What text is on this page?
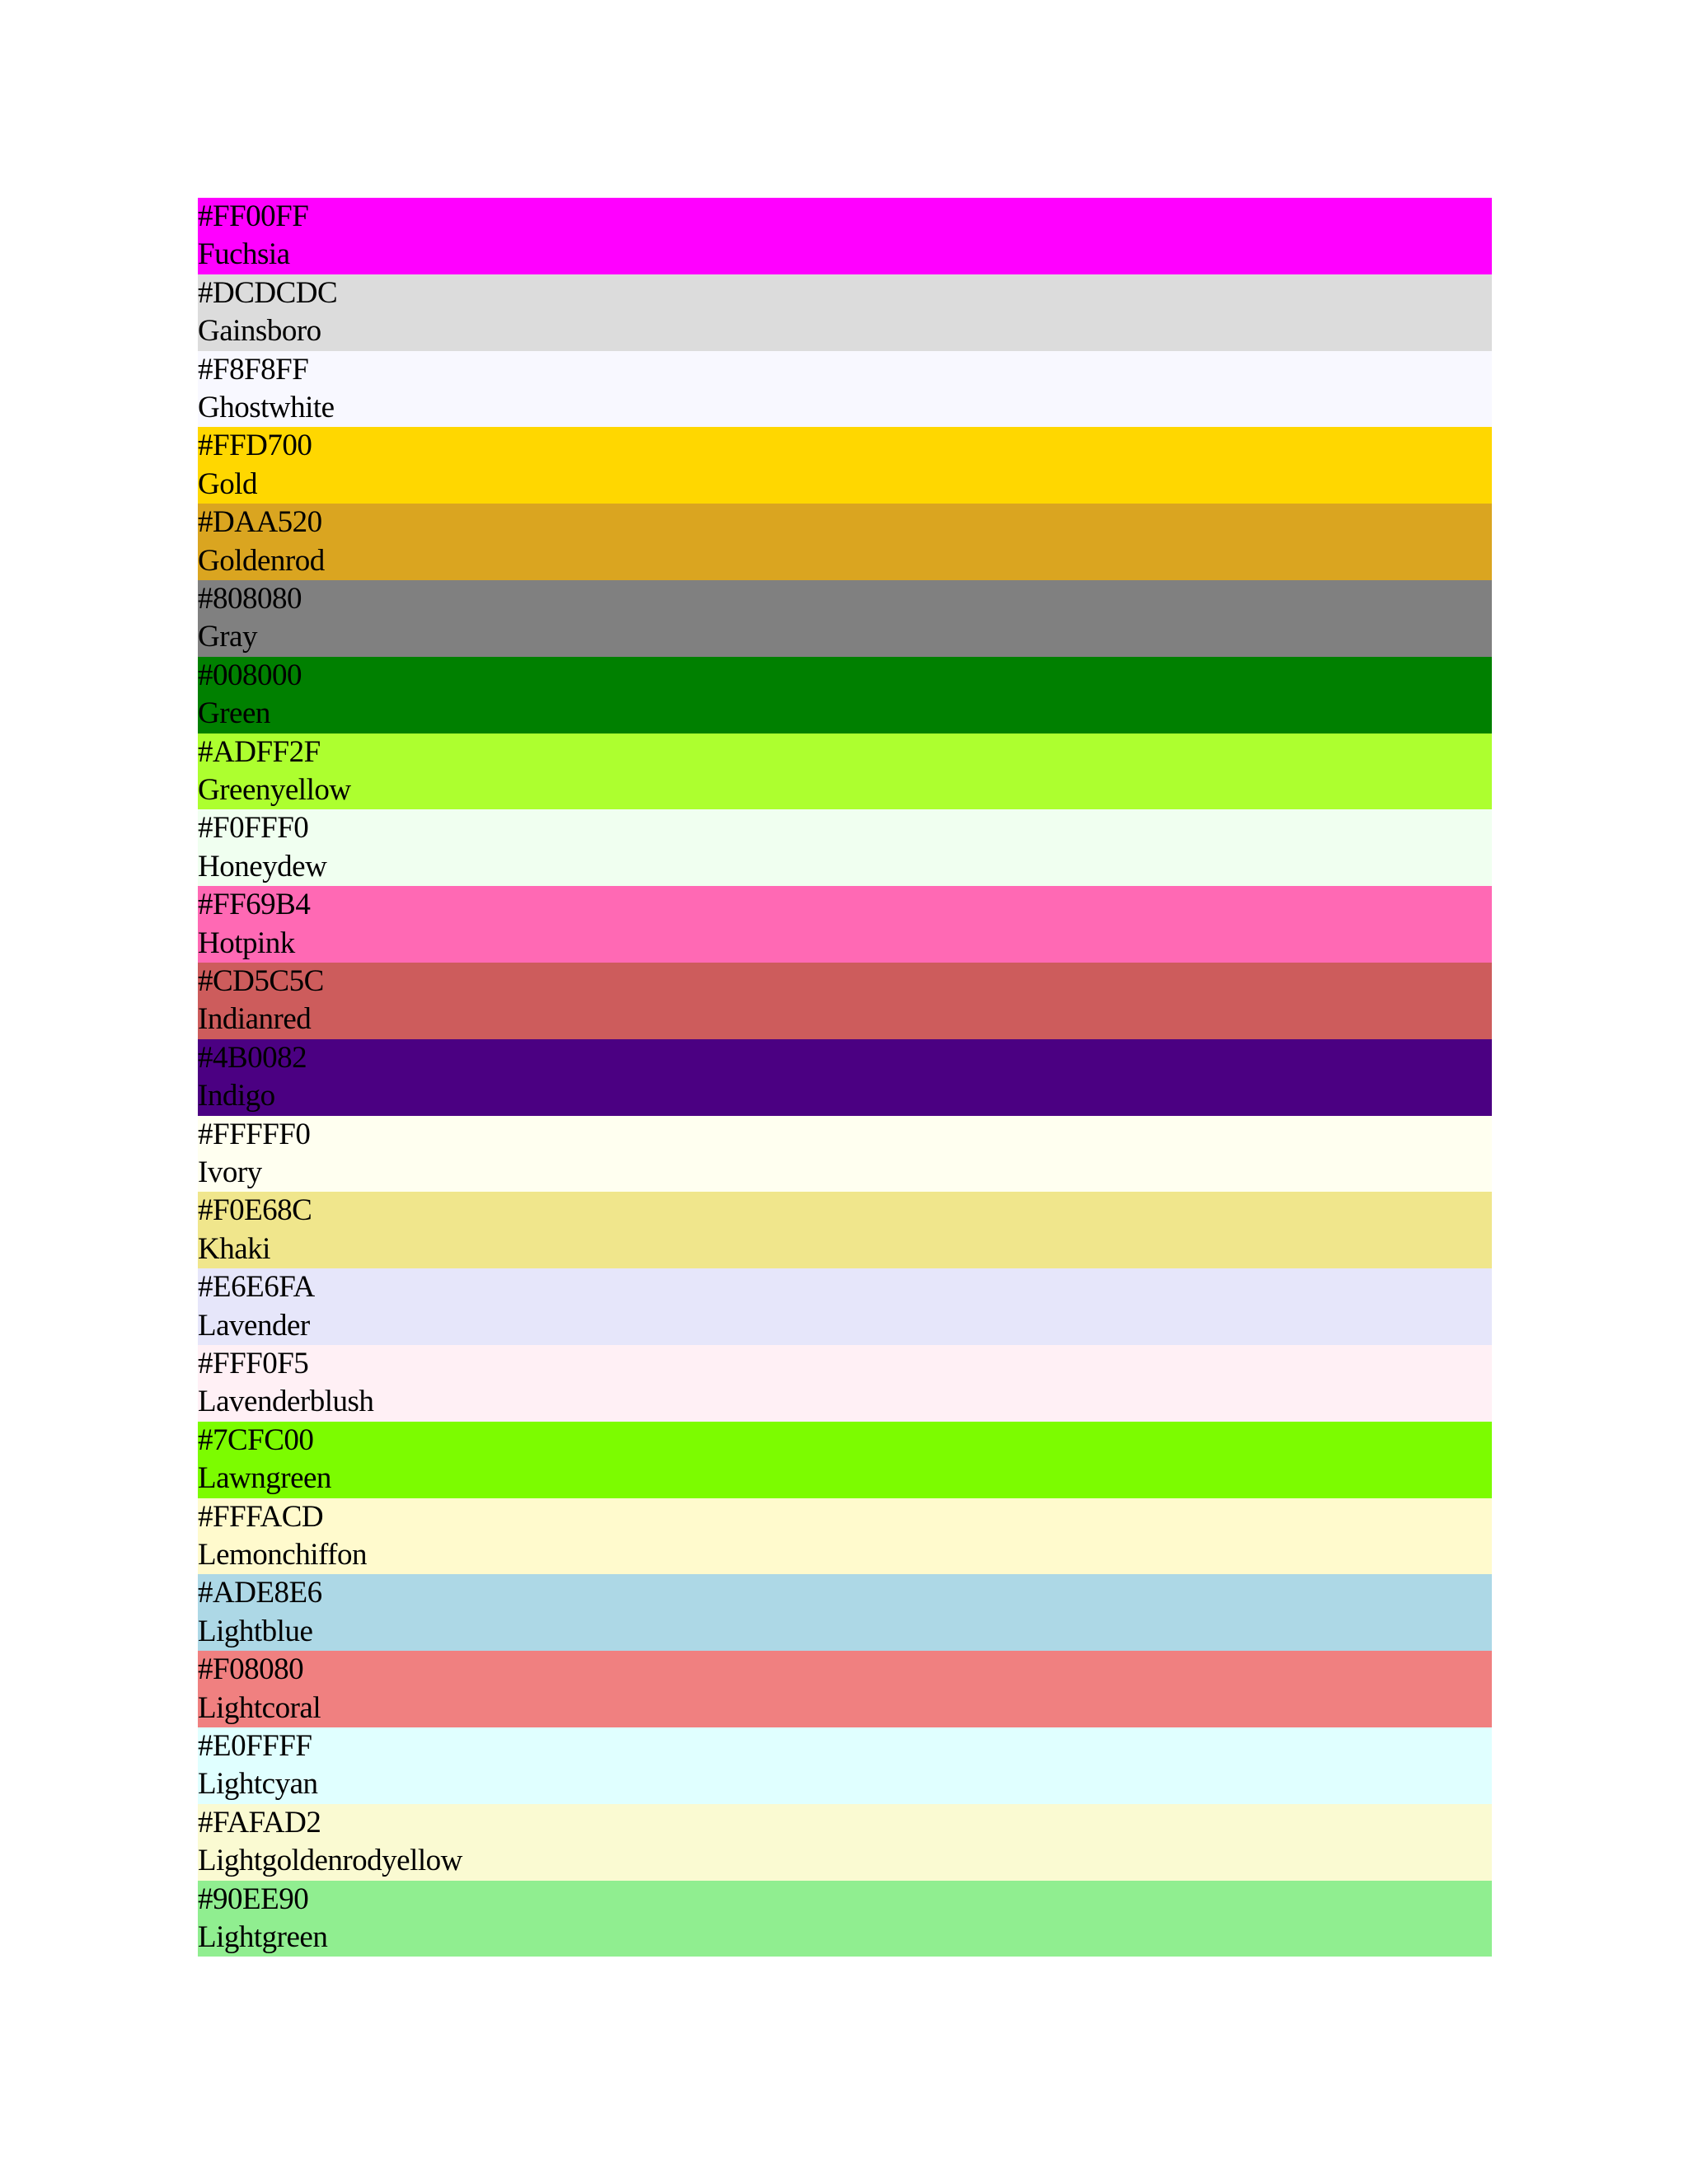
#FF00FF
Fuchsia
#DCDCDC
Gainsboro
#F8F8FF
Ghostwhite
#FFD700
Gold
#DAA520
Goldenrod
#808080
Gray
#008000
Green
#ADFF2F
Greenyellow
#F0FFF0
Honeydew
#FF69B4
Hotpink
#CD5C5C
Indianred
#4B0082
Indigo
#FFFFF0
Ivory
#F0E68C
Khaki
#E6E6FA
Lavender
#FFF0F5
Lavenderblush
#7CFC00
Lawngreen
#FFFACD
Lemonchiffon
#ADE8E6
Lightblue
#F08080
Lightcoral
#E0FFFF
Lightcyan
#FAFAD2
Lightgoldenrodyellow
#90EE90
Lightgreen
